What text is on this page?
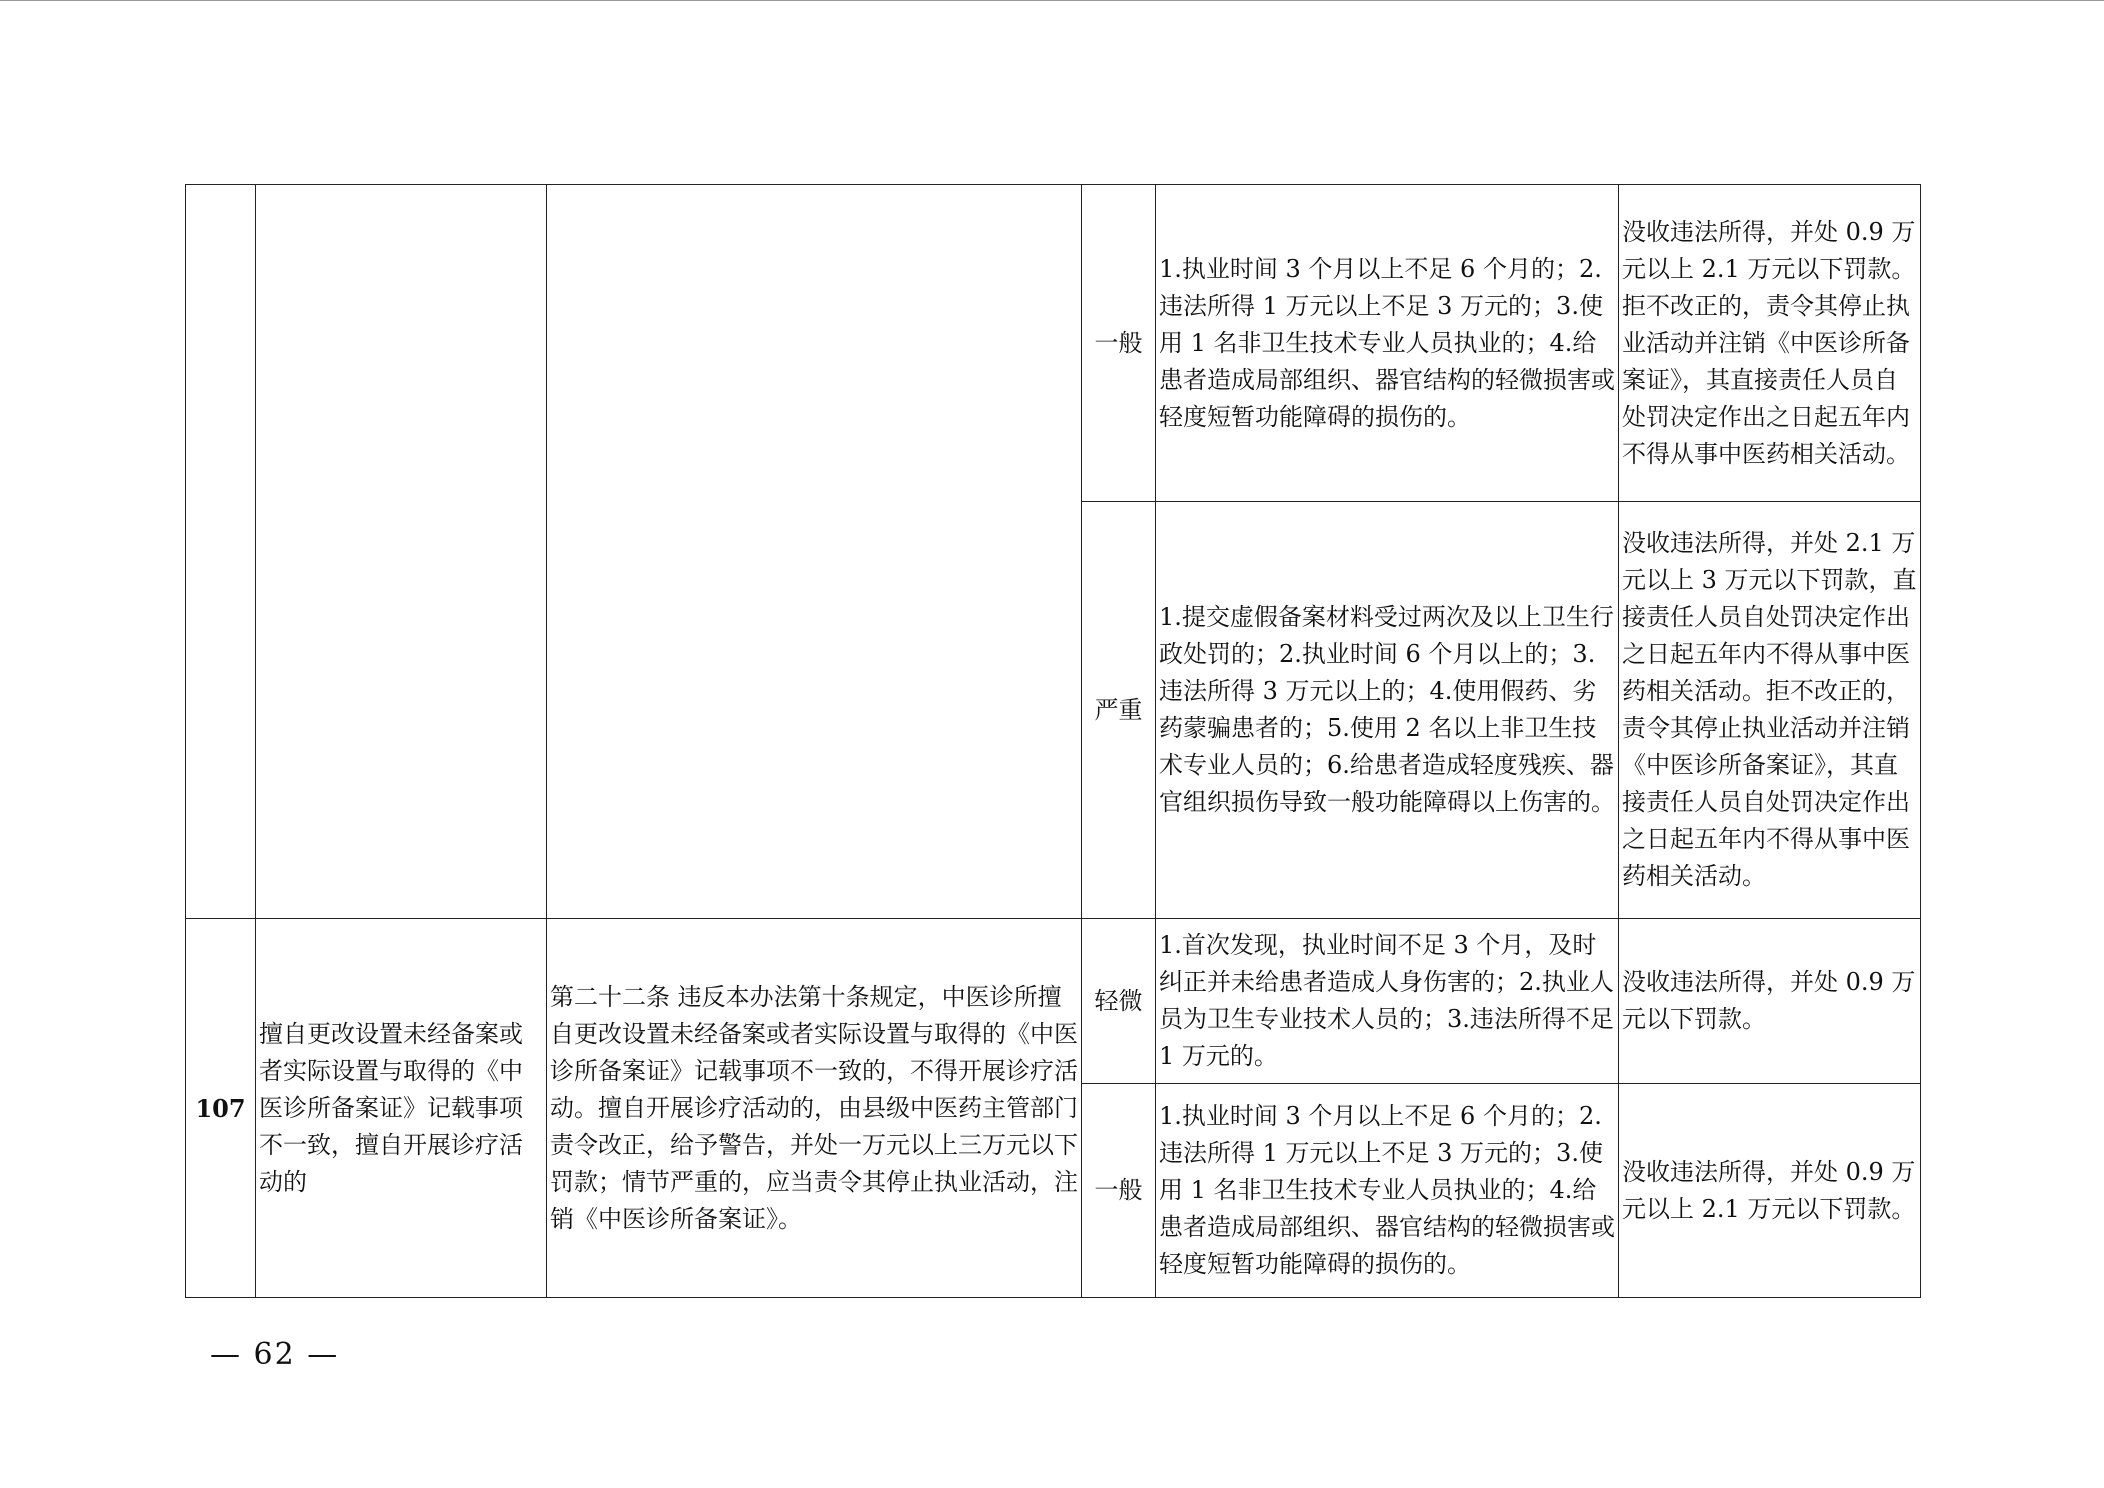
			一般	1.执业时间 3 个月以上不足 6 个月的；2.违法所得 1 万元以上不足 3 万元的；3.使用 1 名非卫生技术专业人员执业的；4.给患者造成局部组织、器官结构的轻微损害或轻度短暂功能障碍的损伤的。	没收违法所得，并处 0.9 万元以上 2.1 万元以下罚款。拒不改正的，责令其停止执业活动并注销《中医诊所备案证》，其直接责任人员自处罚决定作出之日起五年内不得从事中医药相关活动。
			严重	1.提交虚假备案材料受过两次及以上卫生行政处罚的；2.执业时间 6 个月以上的；3.违法所得 3 万元以上的；4.使用假药、劣药蒙骗患者的；5.使用 2 名以上非卫生技术专业人员的；6.给患者造成轻度残疾、器官组织损伤导致一般功能障碍以上伤害的。	没收违法所得，并处 2.1 万元以上 3 万元以下罚款，直接责任人员自处罚决定作出之日起五年内不得从事中医药相关活动。拒不改正的，责令其停止执业活动并注销《中医诊所备案证》，其直接责任人员自处罚决定作出之日起五年内不得从事中医药相关活动。
107	擅自更改设置未经备案或者实际设置与取得的《中医诊所备案证》记载事项不一致，擅自开展诊疗活动的	第二十二条 违反本办法第十条规定，中医诊所擅自更改设置未经备案或者实际设置与取得的《中医诊所备案证》记载事项不一致的，不得开展诊疗活动。擅自开展诊疗活动的，由县级中医药主管部门责令改正，给予警告，并处一万元以上三万元以下罚款；情节严重的，应当责令其停止执业活动，注销《中医诊所备案证》。	轻微	1.首次发现，执业时间不足 3 个月，及时纠正并未给患者造成人身伤害的；2.执业人员为卫生专业技术人员的；3.违法所得不足 1 万元的。	没收违法所得，并处 0.9 万元以下罚款。
			一般	1.执业时间 3 个月以上不足 6 个月的；2.违法所得 1 万元以上不足 3 万元的；3.使用 1 名非卫生技术专业人员执业的；4.给患者造成局部组织、器官结构的轻微损害或轻度短暂功能障碍的损伤的。	没收违法所得，并处 0.9 万元以上 2.1 万元以下罚款。
— 62 —
